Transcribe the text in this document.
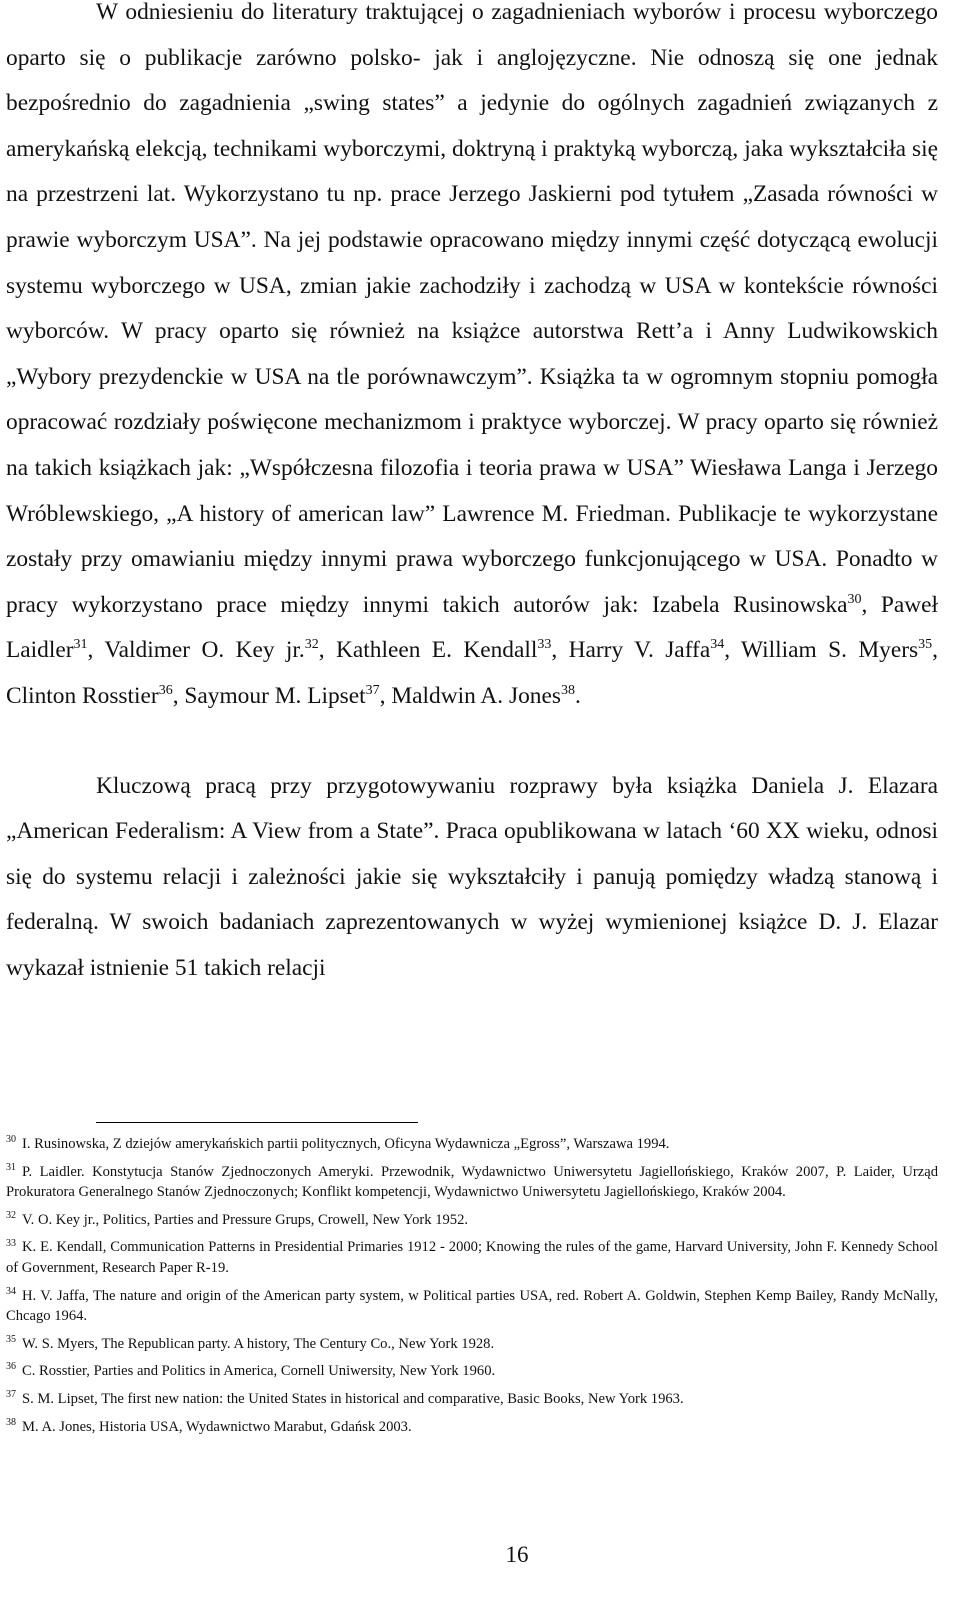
W odniesieniu do literatury traktującej o zagadnieniach wyborów i procesu wyborczego oparto się o publikacje zarówno polsko- jak i anglojęzyczne. Nie odnoszą się one jednak bezpośrednio do zagadnienia „swing states” a jedynie do ogólnych zagadnień związanych z amerykańską elekcją, technikami wyborczymi, doktryną i praktyką wyborczą, jaka wykształciła się na przestrzeni lat. Wykorzystano tu np. prace Jerzego Jaskierni pod tytułem „Zasada równości w prawie wyborczym USA”. Na jej podstawie opracowano między innymi część dotyczącą ewolucji systemu wyborczego w USA, zmian jakie zachodziły i zachodzą w USA w kontekście równości wyborców. W pracy oparto się również na książce autorstwa Rett’a i Anny Ludwikowskich „Wybory prezydenckie w USA na tle porównawczym”. Książka ta w ogromnym stopniu pomogła opracować rozdziały poświęcone mechanizmom i praktyce wyborczej. W pracy oparto się również na takich książkach jak: „Współczesna filozofia i teoria prawa w USA” Wiesława Langa i Jerzego Wróblewskiego, „A history of american law” Lawrence M. Friedman. Publikacje te wykorzystane zostały przy omawianiu między innymi prawa wyborczego funkcjonującego w USA. Ponadto w pracy wykorzystano prace między innymi takich autorów jak: Izabela Rusinowska$^{30}$, Paweł Laidler$^{31}$, Valdimer O. Key jr.$^{32}$, Kathleen E. Kendall$^{33}$, Harry V. Jaffa$^{34}$, William S. Myers$^{35}$, Clinton Rosstier$^{36}$, Saymour M. Lipset$^{37}$, Maldwin A. Jones$^{38}$.

Kluczową pracą przy przygotowywaniu rozprawy była książka Daniela J. Elazara „American Federalism: A View from a State”. Praca opublikowana w latach ‘60 XX wieku, odnosi się do systemu relacji i zależności jakie się wykształciły i panują pomiędzy władzą stanową i federalną. W swoich badaniach zaprezentowanych w wyżej wymienionej książce D. J. Elazar wykazał istnienie 51 takich relacji

$^{30}$ I. Rusinowska, Z dziejów amerykańskich partii politycznych, Oficyna Wydawnicza „Egross”, Warszawa 1994.

$^{31}$ P. Laidler. Konstytucja Stanów Zjednoczonych Ameryki. Przewodnik, Wydawnictwo Uniwersytetu Jagiellońskiego, Kraków 2007, P. Laider, Urząd Prokuratora Generalnego Stanów Zjednoczonych; Konflikt kompetencji, Wydawnictwo Uniwersytetu Jagiellońskiego, Kraków 2004.

$^{32}$ V. O. Key jr., Politics, Parties and Pressure Grups, Crowell, New York 1952.

$^{33}$ K. E. Kendall, Communication Patterns in Presidential Primaries 1912 - 2000; Knowing the rules of the game, Harvard University, John F. Kennedy School of Government, Research Paper R-19.

$^{34}$ H. V. Jaffa, The nature and origin of the American party system, w Political parties USA, red. Robert A. Goldwin, Stephen Kemp Bailey, Randy McNally, Chcago 1964.

$^{35}$ W. S. Myers, The Republican party. A history, The Century Co., New York 1928.

$^{36}$ C. Rosstier, Parties and Politics in America, Cornell Uniwersity, New York 1960.

$^{37}$ S. M. Lipset, The first new nation: the United States in historical and comparative, Basic Books, New York 1963.

$^{38}$ M. A. Jones, Historia USA, Wydawnictwo Marabut, Gdańsk 2003.

16
